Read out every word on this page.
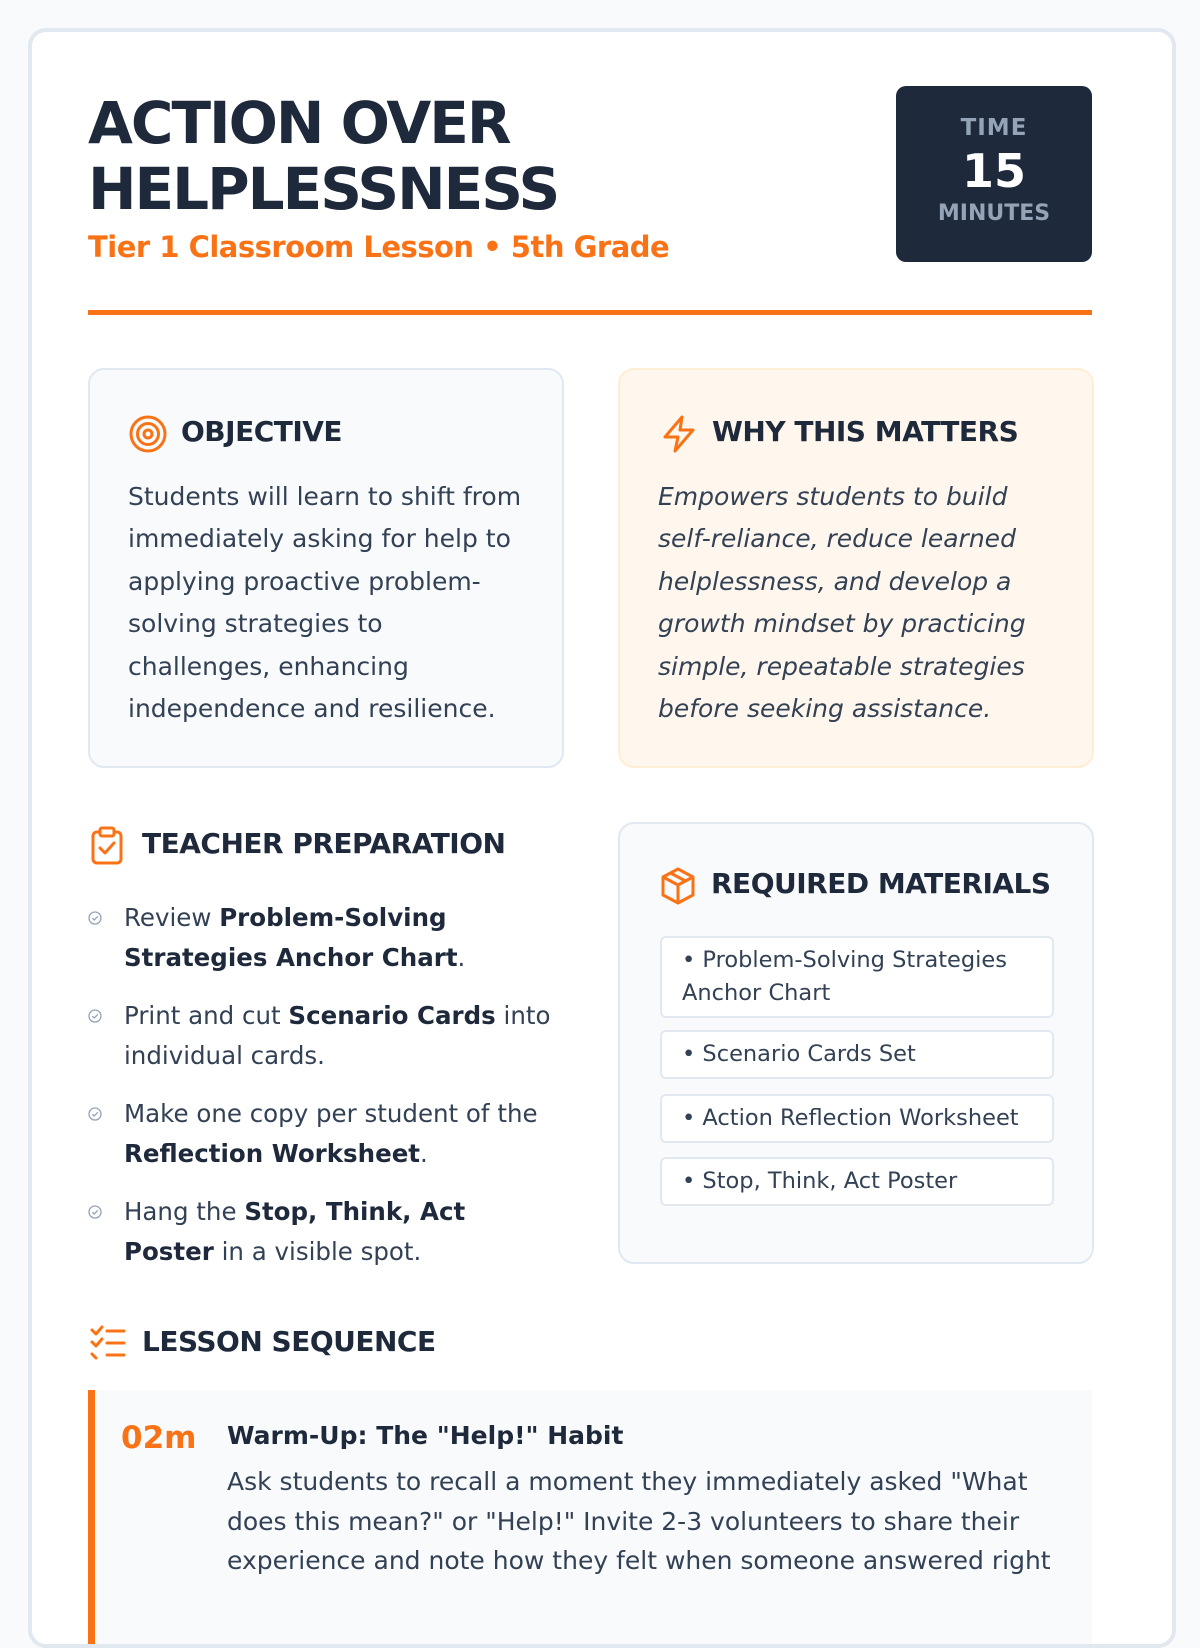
ACTION OVER
HELPLESSNESS
Tier 1 Classroom Lesson • 5th Grade
TIME
15
MINUTES
OBJECTIVE
Students will learn to shift from immediately asking for help to applying proactive problem-solving strategies to challenges, enhancing independence and resilience.
WHY THIS MATTERS
Empowers students to build self-reliance, reduce learned helplessness, and develop a growth mindset by practicing simple, repeatable strategies before seeking assistance.
TEACHER PREPARATION
Review Problem-Solving Strategies Anchor Chart.
Print and cut Scenario Cards into individual cards.
Make one copy per student of the Reflection Worksheet.
Hang the Stop, Think, Act Poster in a visible spot.
REQUIRED MATERIALS
• Problem-Solving Strategies Anchor Chart
• Scenario Cards Set
• Action Reflection Worksheet
• Stop, Think, Act Poster
LESSON SEQUENCE
02m Warm-Up: The "Help!" Habit
Ask students to recall a moment they immediately asked "What does this mean?" or "Help!" Invite 2-3 volunteers to share their experience and note how they felt when someone answered right
